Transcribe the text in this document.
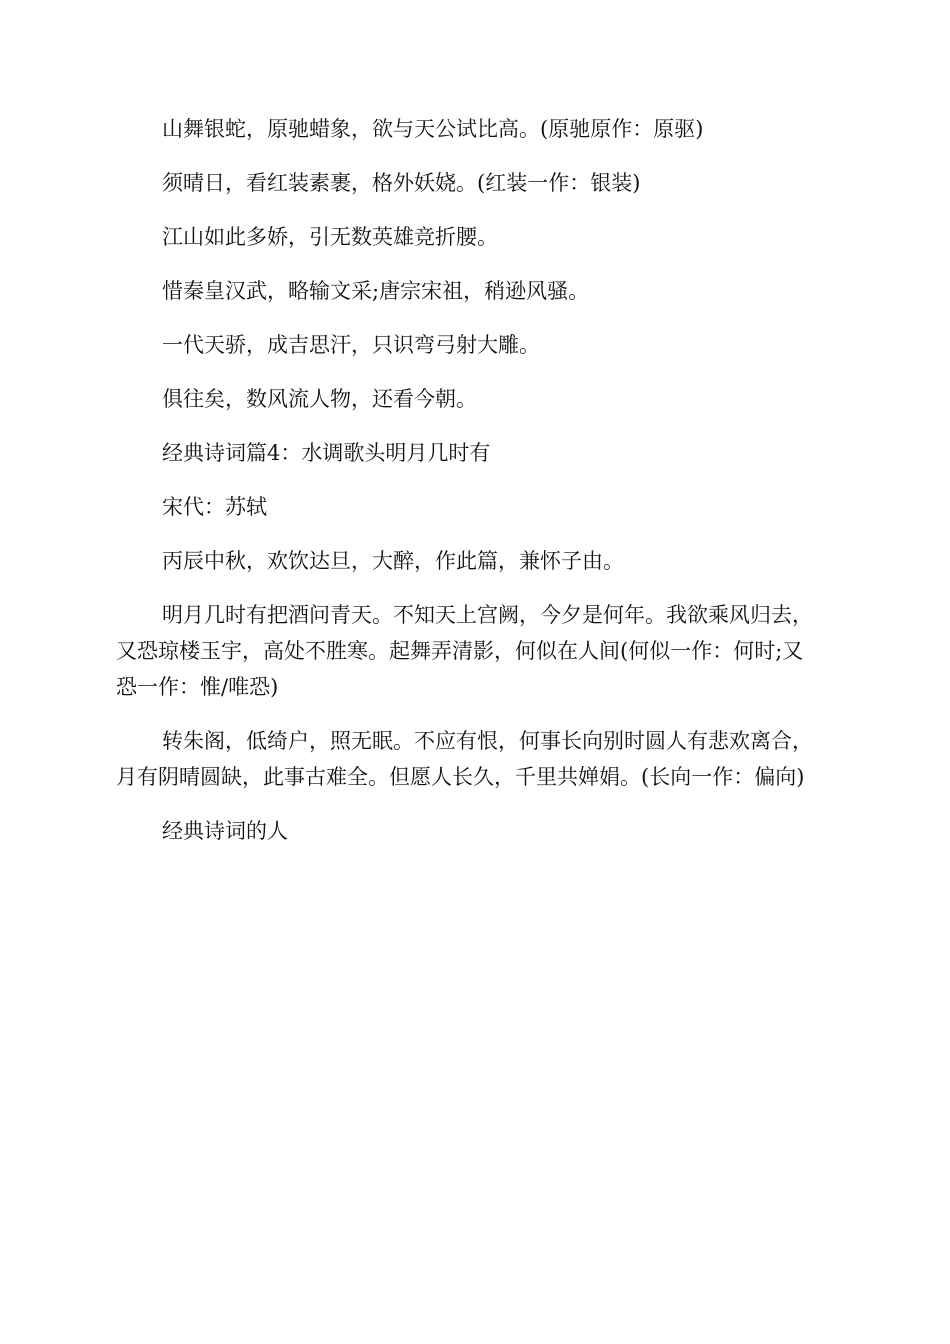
山舞银蛇，原驰蜡象，欲与天公试比高。(原驰原作：原驱)

须晴日，看红装素裹，格外妖娆。(红装一作：银装)

江山如此多娇，引无数英雄竞折腰。

惜秦皇汉武，略输文采;唐宗宋祖，稍逊风骚。

一代天骄，成吉思汗，只识弯弓射大雕。

俱往矣，数风流人物，还看今朝。

经典诗词篇4：水调歌头明月几时有

宋代：苏轼

丙辰中秋，欢饮达旦，大醉，作此篇，兼怀子由。

明月几时有把酒问青天。不知天上宫阙，今夕是何年。我欲乘风归去，又恐琼楼玉宇，高处不胜寒。起舞弄清影，何似在人间(何似一作：何时;又恐一作：惟/唯恐)

转朱阁，低绮户，照无眠。不应有恨，何事长向别时圆人有悲欢离合，月有阴晴圆缺，此事古难全。但愿人长久，千里共婵娟。(长向一作：偏向)

经典诗词的人
